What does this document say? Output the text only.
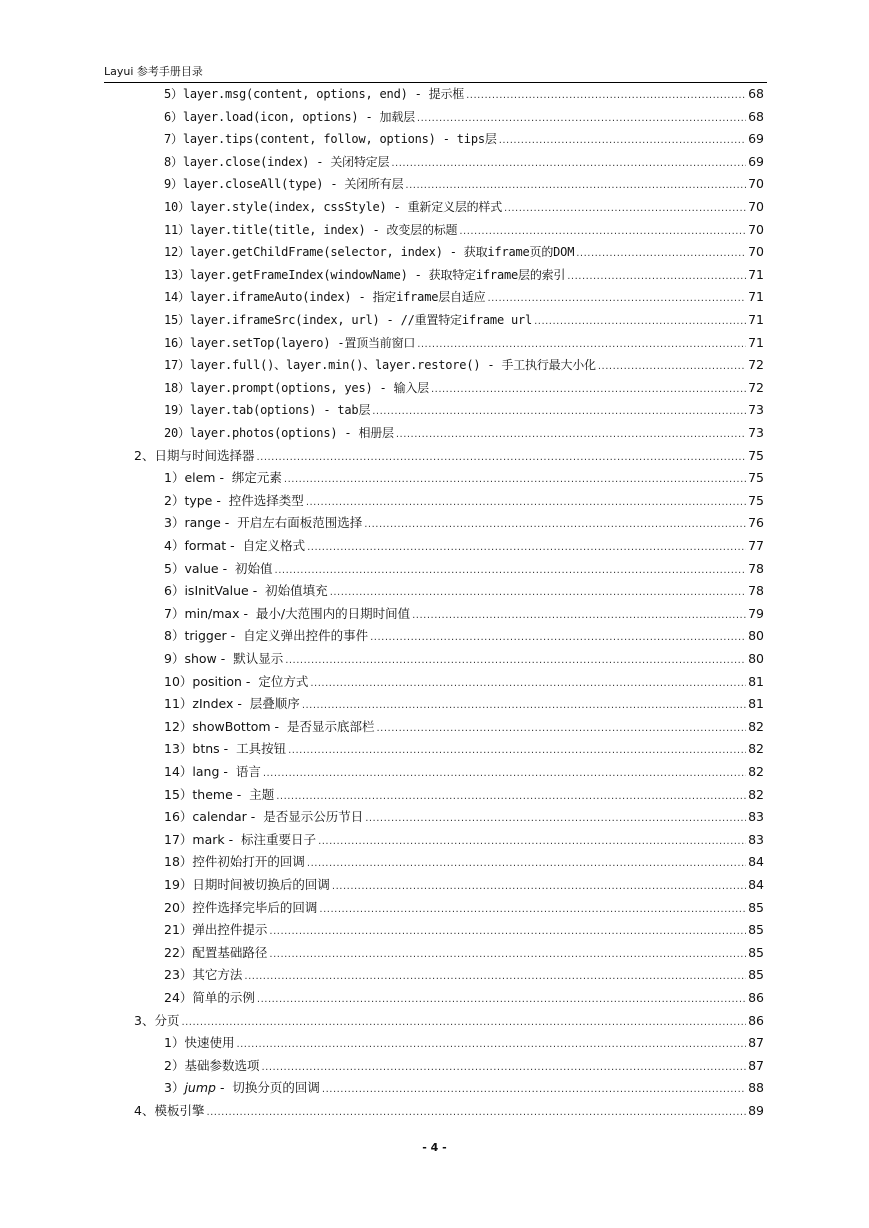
Layui 参考手册目录
5）layer.msg(content, options, end) - 提示框 .....	68
6）layer.load(icon, options) - 加载层 .....	68
7）layer.tips(content, follow, options) - tips层 .....	69
8）layer.close(index) - 关闭特定层 .....	69
9）layer.closeAll(type) - 关闭所有层 .....	70
10）layer.style(index, cssStyle) - 重新定义层的样式 .....	70
11）layer.title(title, index) - 改变层的标题 .....	70
12）layer.getChildFrame(selector, index) - 获取iframe页的DOM .....	70
13）layer.getFrameIndex(windowName) - 获取特定iframe层的索引 .....	71
14）layer.iframeAuto(index) - 指定iframe层自适应 .....	71
15）layer.iframeSrc(index, url) - //重置特定iframe url .....	71
16）layer.setTop(layero) -置顶当前窗口 .....	71
17）layer.full()、layer.min()、layer.restore() - 手工执行最大小化 .....	72
18）layer.prompt(options, yes) - 输入层 .....	72
19）layer.tab(options) - tab层 .....	73
20）layer.photos(options) - 相册层 .....	73
2、日期与时间选择器 .....	75
1）elem -  绑定元素 .....	75
2）type -  控件选择类型 .....	75
3）range -  开启左右面板范围选择 .....	76
4）format -  自定义格式 .....	77
5）value -  初始值 .....	78
6）isInitValue -  初始值填充 .....	78
7）min/max -  最小/大范围内的日期时间值 .....	79
8）trigger -  自定义弹出控件的事件 .....	80
9）show -  默认显示 .....	80
10）position -  定位方式 .....	81
11）zIndex -  层叠顺序 .....	81
12）showBottom -  是否显示底部栏 .....	82
13）btns -  工具按钮 .....	82
14）lang -  语言 .....	82
15）theme -  主题 .....	82
16）calendar -  是否显示公历节日 .....	83
17）mark -  标注重要日子 .....	83
18）控件初始打开的回调 .....	84
19）日期时间被切换后的回调 .....	84
20）控件选择完毕后的回调 .....	85
21）弹出控件提示 .....	85
22）配置基础路径 .....	85
23）其它方法 .....	85
24）简单的示例 .....	86
3、分页 .....	86
1）快速使用 .....	87
2）基础参数选项 .....	87
3）jump -  切换分页的回调 .....	88
4、模板引擎 .....	89
- 4 -
